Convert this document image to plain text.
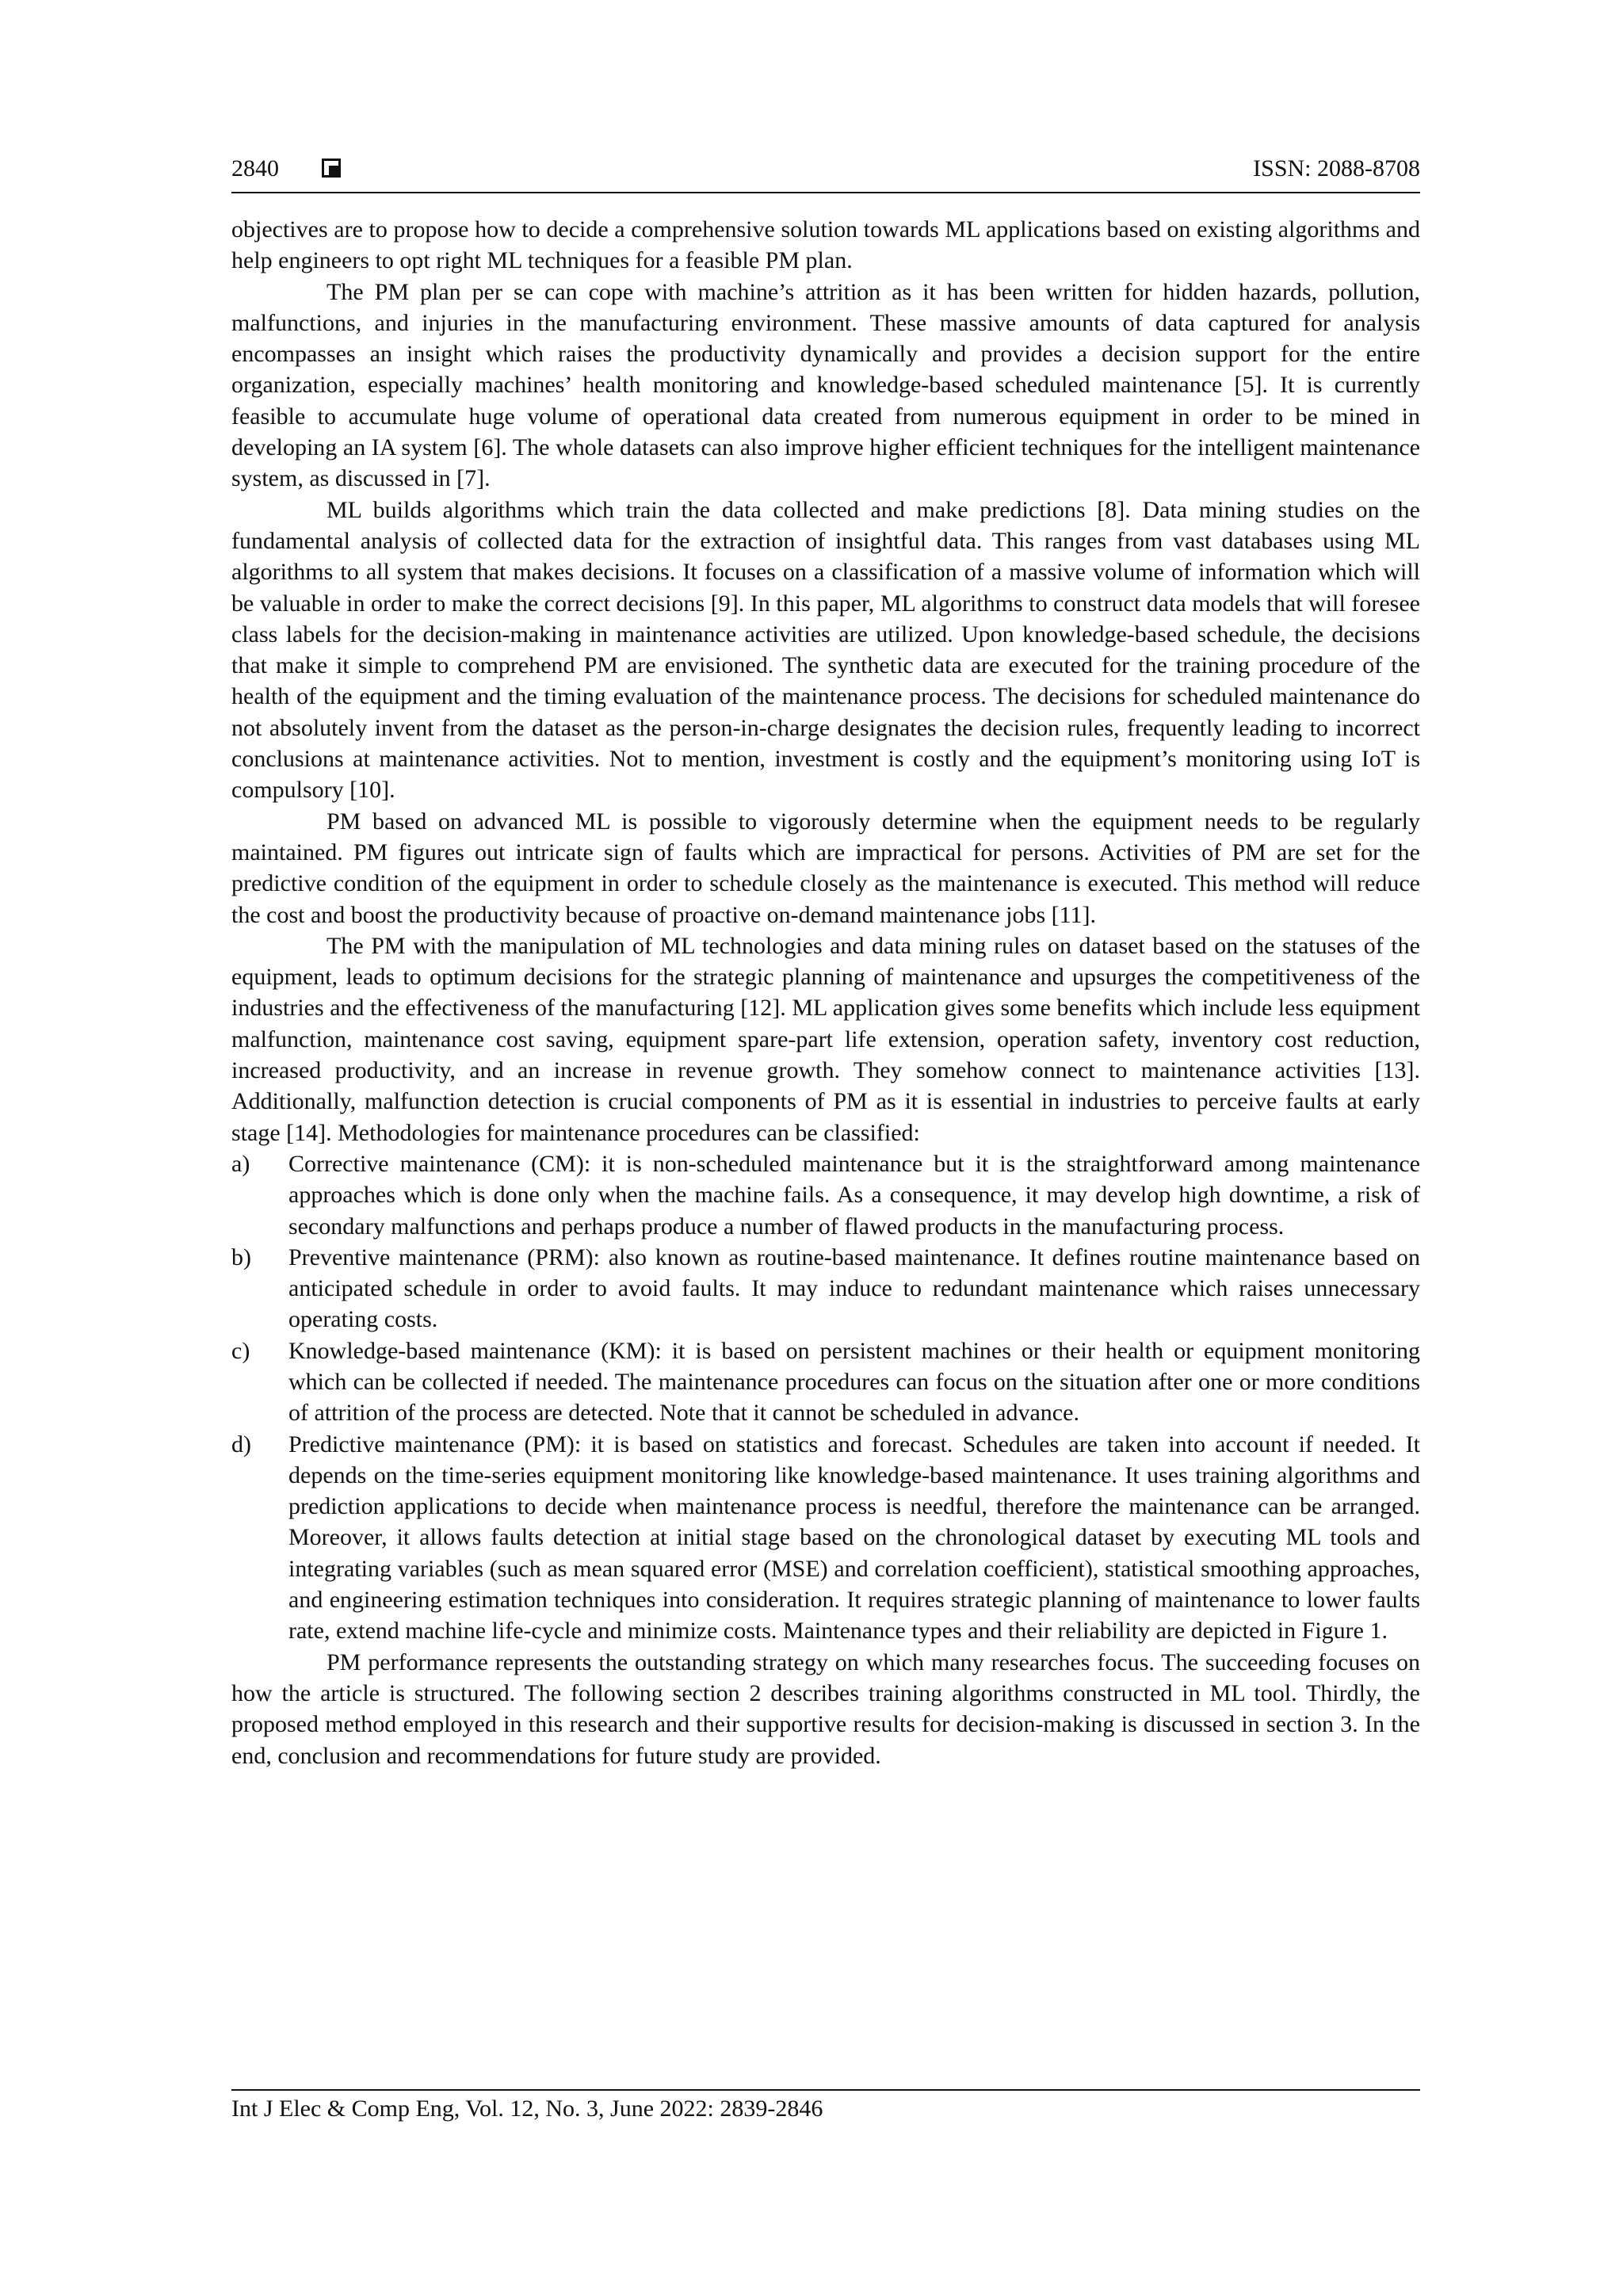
2840	ISSN: 2088-8708

objectives are to propose how to decide a comprehensive solution towards ML applications based on existing algorithms and help engineers to opt right ML techniques for a feasible PM plan.

The PM plan per se can cope with machine’s attrition as it has been written for hidden hazards, pollution, malfunctions, and injuries in the manufacturing environment. These massive amounts of data captured for analysis encompasses an insight which raises the productivity dynamically and provides a decision support for the entire organization, especially machines’ health monitoring and knowledge-based scheduled maintenance [5]. It is currently feasible to accumulate huge volume of operational data created from numerous equipment in order to be mined in developing an IA system [6]. The whole datasets can also improve higher efficient techniques for the intelligent maintenance system, as discussed in [7].

ML builds algorithms which train the data collected and make predictions [8]. Data mining studies on the fundamental analysis of collected data for the extraction of insightful data. This ranges from vast databases using ML algorithms to all system that makes decisions. It focuses on a classification of a massive volume of information which will be valuable in order to make the correct decisions [9]. In this paper, ML algorithms to construct data models that will foresee class labels for the decision-making in maintenance activities are utilized. Upon knowledge-based schedule, the decisions that make it simple to comprehend PM are envisioned. The synthetic data are executed for the training procedure of the health of the equipment and the timing evaluation of the maintenance process. The decisions for scheduled maintenance do not absolutely invent from the dataset as the person-in-charge designates the decision rules, frequently leading to incorrect conclusions at maintenance activities. Not to mention, investment is costly and the equipment’s monitoring using IoT is compulsory [10].

PM based on advanced ML is possible to vigorously determine when the equipment needs to be regularly maintained. PM figures out intricate sign of faults which are impractical for persons. Activities of PM are set for the predictive condition of the equipment in order to schedule closely as the maintenance is executed. This method will reduce the cost and boost the productivity because of proactive on-demand maintenance jobs [11].

The PM with the manipulation of ML technologies and data mining rules on dataset based on the statuses of the equipment, leads to optimum decisions for the strategic planning of maintenance and upsurges the competitiveness of the industries and the effectiveness of the manufacturing [12]. ML application gives some benefits which include less equipment malfunction, maintenance cost saving, equipment spare-part life extension, operation safety, inventory cost reduction, increased productivity, and an increase in revenue growth. They somehow connect to maintenance activities [13]. Additionally, malfunction detection is crucial components of PM as it is essential in industries to perceive faults at early stage [14]. Methodologies for maintenance procedures can be classified:

a) Corrective maintenance (CM): it is non-scheduled maintenance but it is the straightforward among maintenance approaches which is done only when the machine fails. As a consequence, it may develop high downtime, a risk of secondary malfunctions and perhaps produce a number of flawed products in the manufacturing process.
b) Preventive maintenance (PRM): also known as routine-based maintenance. It defines routine maintenance based on anticipated schedule in order to avoid faults. It may induce to redundant maintenance which raises unnecessary operating costs.
c) Knowledge-based maintenance (KM): it is based on persistent machines or their health or equipment monitoring which can be collected if needed. The maintenance procedures can focus on the situation after one or more conditions of attrition of the process are detected. Note that it cannot be scheduled in advance.
d) Predictive maintenance (PM): it is based on statistics and forecast. Schedules are taken into account if needed. It depends on the time-series equipment monitoring like knowledge-based maintenance. It uses training algorithms and prediction applications to decide when maintenance process is needful, therefore the maintenance can be arranged. Moreover, it allows faults detection at initial stage based on the chronological dataset by executing ML tools and integrating variables (such as mean squared error (MSE) and correlation coefficient), statistical smoothing approaches, and engineering estimation techniques into consideration. It requires strategic planning of maintenance to lower faults rate, extend machine life-cycle and minimize costs. Maintenance types and their reliability are depicted in Figure 1.

PM performance represents the outstanding strategy on which many researches focus. The succeeding focuses on how the article is structured. The following section 2 describes training algorithms constructed in ML tool. Thirdly, the proposed method employed in this research and their supportive results for decision-making is discussed in section 3. In the end, conclusion and recommendations for future study are provided.

Int J Elec & Comp Eng, Vol. 12, No. 3, June 2022: 2839-2846
